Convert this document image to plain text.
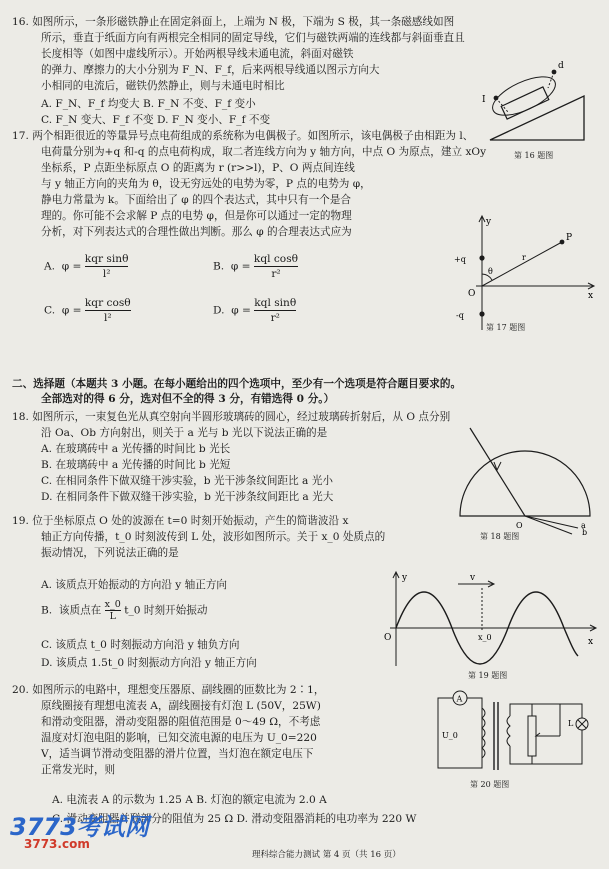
16. 如图所示，一条形磁铁静止在固定斜面上，上端为 N 极，下端为 S 极，其一条磁感线如图
所示，垂直于纸面方向有两根完全相同的固定导线，它们与磁铁两端的连线都与斜面垂直且
长度相等（如图中虚线所示）。开始两根导线未通电流，斜面对磁铁
的弹力、摩擦力的大小分别为 F_N、F_f，后来两根导线通以图示方向大
小相同的电流后，磁铁仍然静止，则与未通电时相比
A. F_N、F_f 均变大 B. F_N 不变、F_f 变小
C. F_N 变大、F_f 不变 D. F_N 变小、F_f 不变
17. 两个相距很近的等量异号点电荷组成的系统称为电偶极子。如图所示，该电偶极子由相距为 l、
电荷量分别为+q 和-q 的点电荷构成，取二者连线方向为 y 轴方向，中点 O 为原点，建立 xOy
坐标系，P 点距坐标原点 O 的距离为 r (r>>l)，P、O 两点间连线
与 y 轴正方向的夹角为 θ，设无穷远处的电势为零，P 点的电势为 φ，
静电力常量为 k。下面给出了 φ 的四个表达式，其中只有一个是合
理的。你可能不会求解 P 点的电势 φ，但是你可以通过一定的物理
分析，对下列表达式的合理性做出判断。那么 φ 的合理表达式应为
二、选择题（本题共 3 小题。在每小题给出的四个选项中，至少有一个选项是符合题目要求的。
全部选对的得 6 分，选对但不全的得 3 分，有错选得 0 分。）
18. 如图所示，一束复色光从真空射向半圆形玻璃砖的圆心，经过玻璃砖折射后，从 O 点分别
沿 Oa、Ob 方向射出，则关于 a 光与 b 光以下说法正确的是
A. 在玻璃砖中 a 光传播的时间比 b 光长
B. 在玻璃砖中 a 光传播的时间比 b 光短
C. 在相同条件下做双缝干涉实验，b 光干涉条纹间距比 a 光小
D. 在相同条件下做双缝干涉实验，b 光干涉条纹间距比 a 光大
19. 位于坐标原点 O 处的波源在 t=0 时刻开始振动，产生的简谐波沿 x
轴正方向传播，t_0 时刻波传到 L 处，波形如图所示。关于 x_0 处质点的
振动情况，下列说法正确的是
A. 该质点开始振动的方向沿 y 轴正方向
C. 该质点 t_0 时刻振动方向沿 y 轴负方向
D. 该质点 1.5t_0 时刻振动方向沿 y 轴正方向
20. 如图所示的电路中，理想变压器原、副线圈的匝数比为 2∶1，
原线圈接有理想电流表 A，副线圈接有灯泡 L (50V，25W)
和滑动变阻器，滑动变阻器的阻值范围是 0～49 Ω，不考虑
温度对灯泡电阻的影响，已知交流电源的电压为 U_0=220
V，适当调节滑动变阻器的滑片位置，当灯泡在额定电压下
正常发光时，则
A. 电流表 A 的示数为 1.25 A B. 灯泡的额定电流为 2.0 A
C. 滑动变阻器并联部分的阻值为 25 Ω D. 滑动变阻器消耗的电功率为 220 W
A.  φ =
kqr sinθ
l²
B.  φ =
kql cosθ
r²
C.  φ =
kqr cosθ
l²
D.  φ =
kql sinθ
r²
B. 该质点在 $\frac{x\_0}{L}$ t_0 时刻开始振动
I
d
第 16 题图
y
+q
-q
O
θ
r
P
x
第 17 题图
O	a
b
第 18 题图
y
O	x_0	x
v
第 19 题图
A
U_0
L
第 20 题图
3773考试网
3773.com
理科综合能力测试 第 4 页（共 16 页）
